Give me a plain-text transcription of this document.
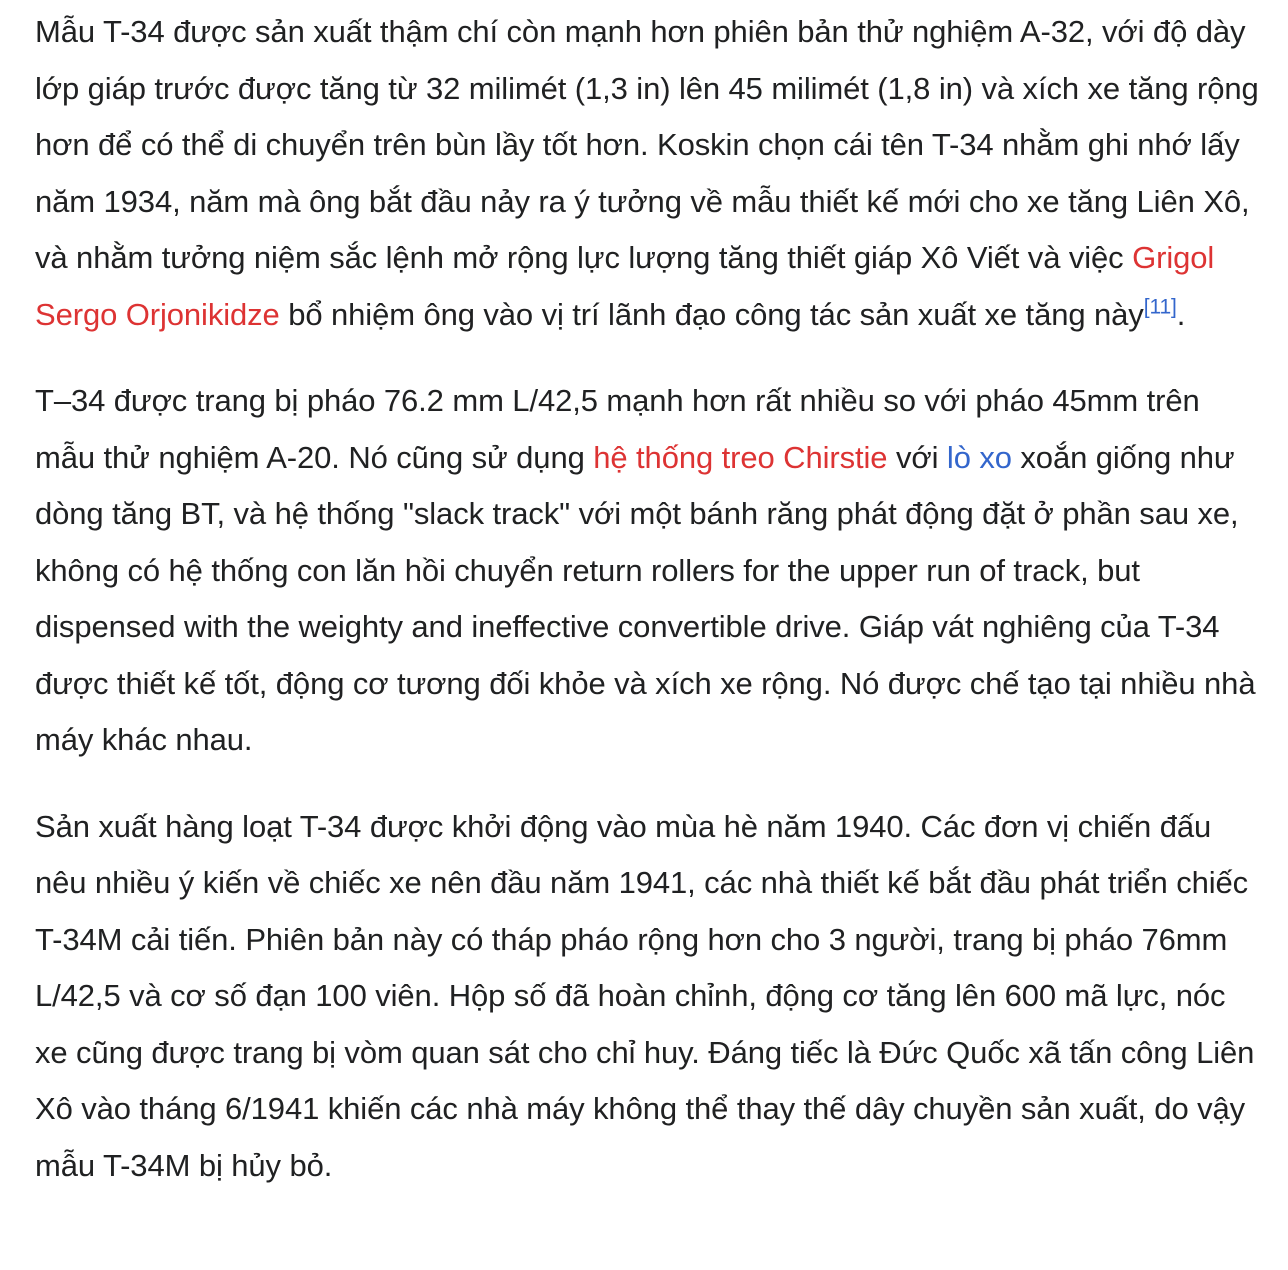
Mẫu T-34 được sản xuất thậm chí còn mạnh hơn phiên bản thử nghiệm A-32, với độ dày lớp giáp trước được tăng từ 32 milimét (1,3 in) lên 45 milimét (1,8 in) và xích xe tăng rộng hơn để có thể di chuyển trên bùn lầy tốt hơn. Koskin chọn cái tên T-34 nhằm ghi nhớ lấy năm 1934, năm mà ông bắt đầu nảy ra ý tưởng về mẫu thiết kế mới cho xe tăng Liên Xô, và nhằm tưởng niệm sắc lệnh mở rộng lực lượng tăng thiết giáp Xô Viết và việc Grigol Sergo Orjonikidze bổ nhiệm ông vào vị trí lãnh đạo công tác sản xuất xe tăng này[11].

T–34 được trang bị pháo 76.2 mm L/42,5 mạnh hơn rất nhiều so với pháo 45mm trên mẫu thử nghiệm A-20. Nó cũng sử dụng hệ thống treo Chirstie với lò xo xoắn giống như dòng tăng BT, và hệ thống "slack track" với một bánh răng phát động đặt ở phần sau xe, không có hệ thống con lăn hồi chuyển return rollers for the upper run of track, but dispensed with the weighty and ineffective convertible drive. Giáp vát nghiêng của T-34 được thiết kế tốt, động cơ tương đối khỏe và xích xe rộng. Nó được chế tạo tại nhiều nhà máy khác nhau.

Sản xuất hàng loạt T-34 được khởi động vào mùa hè năm 1940. Các đơn vị chiến đấu nêu nhiều ý kiến về chiếc xe nên đầu năm 1941, các nhà thiết kế bắt đầu phát triển chiếc T-34M cải tiến. Phiên bản này có tháp pháo rộng hơn cho 3 người, trang bị pháo 76mm L/42,5 và cơ số đạn 100 viên. Hộp số đã hoàn chỉnh, động cơ tăng lên 600 mã lực, nóc xe cũng được trang bị vòm quan sát cho chỉ huy. Đáng tiếc là Đức Quốc xã tấn công Liên Xô vào tháng 6/1941 khiến các nhà máy không thể thay thế dây chuyền sản xuất, do vậy mẫu T-34M bị hủy bỏ.
